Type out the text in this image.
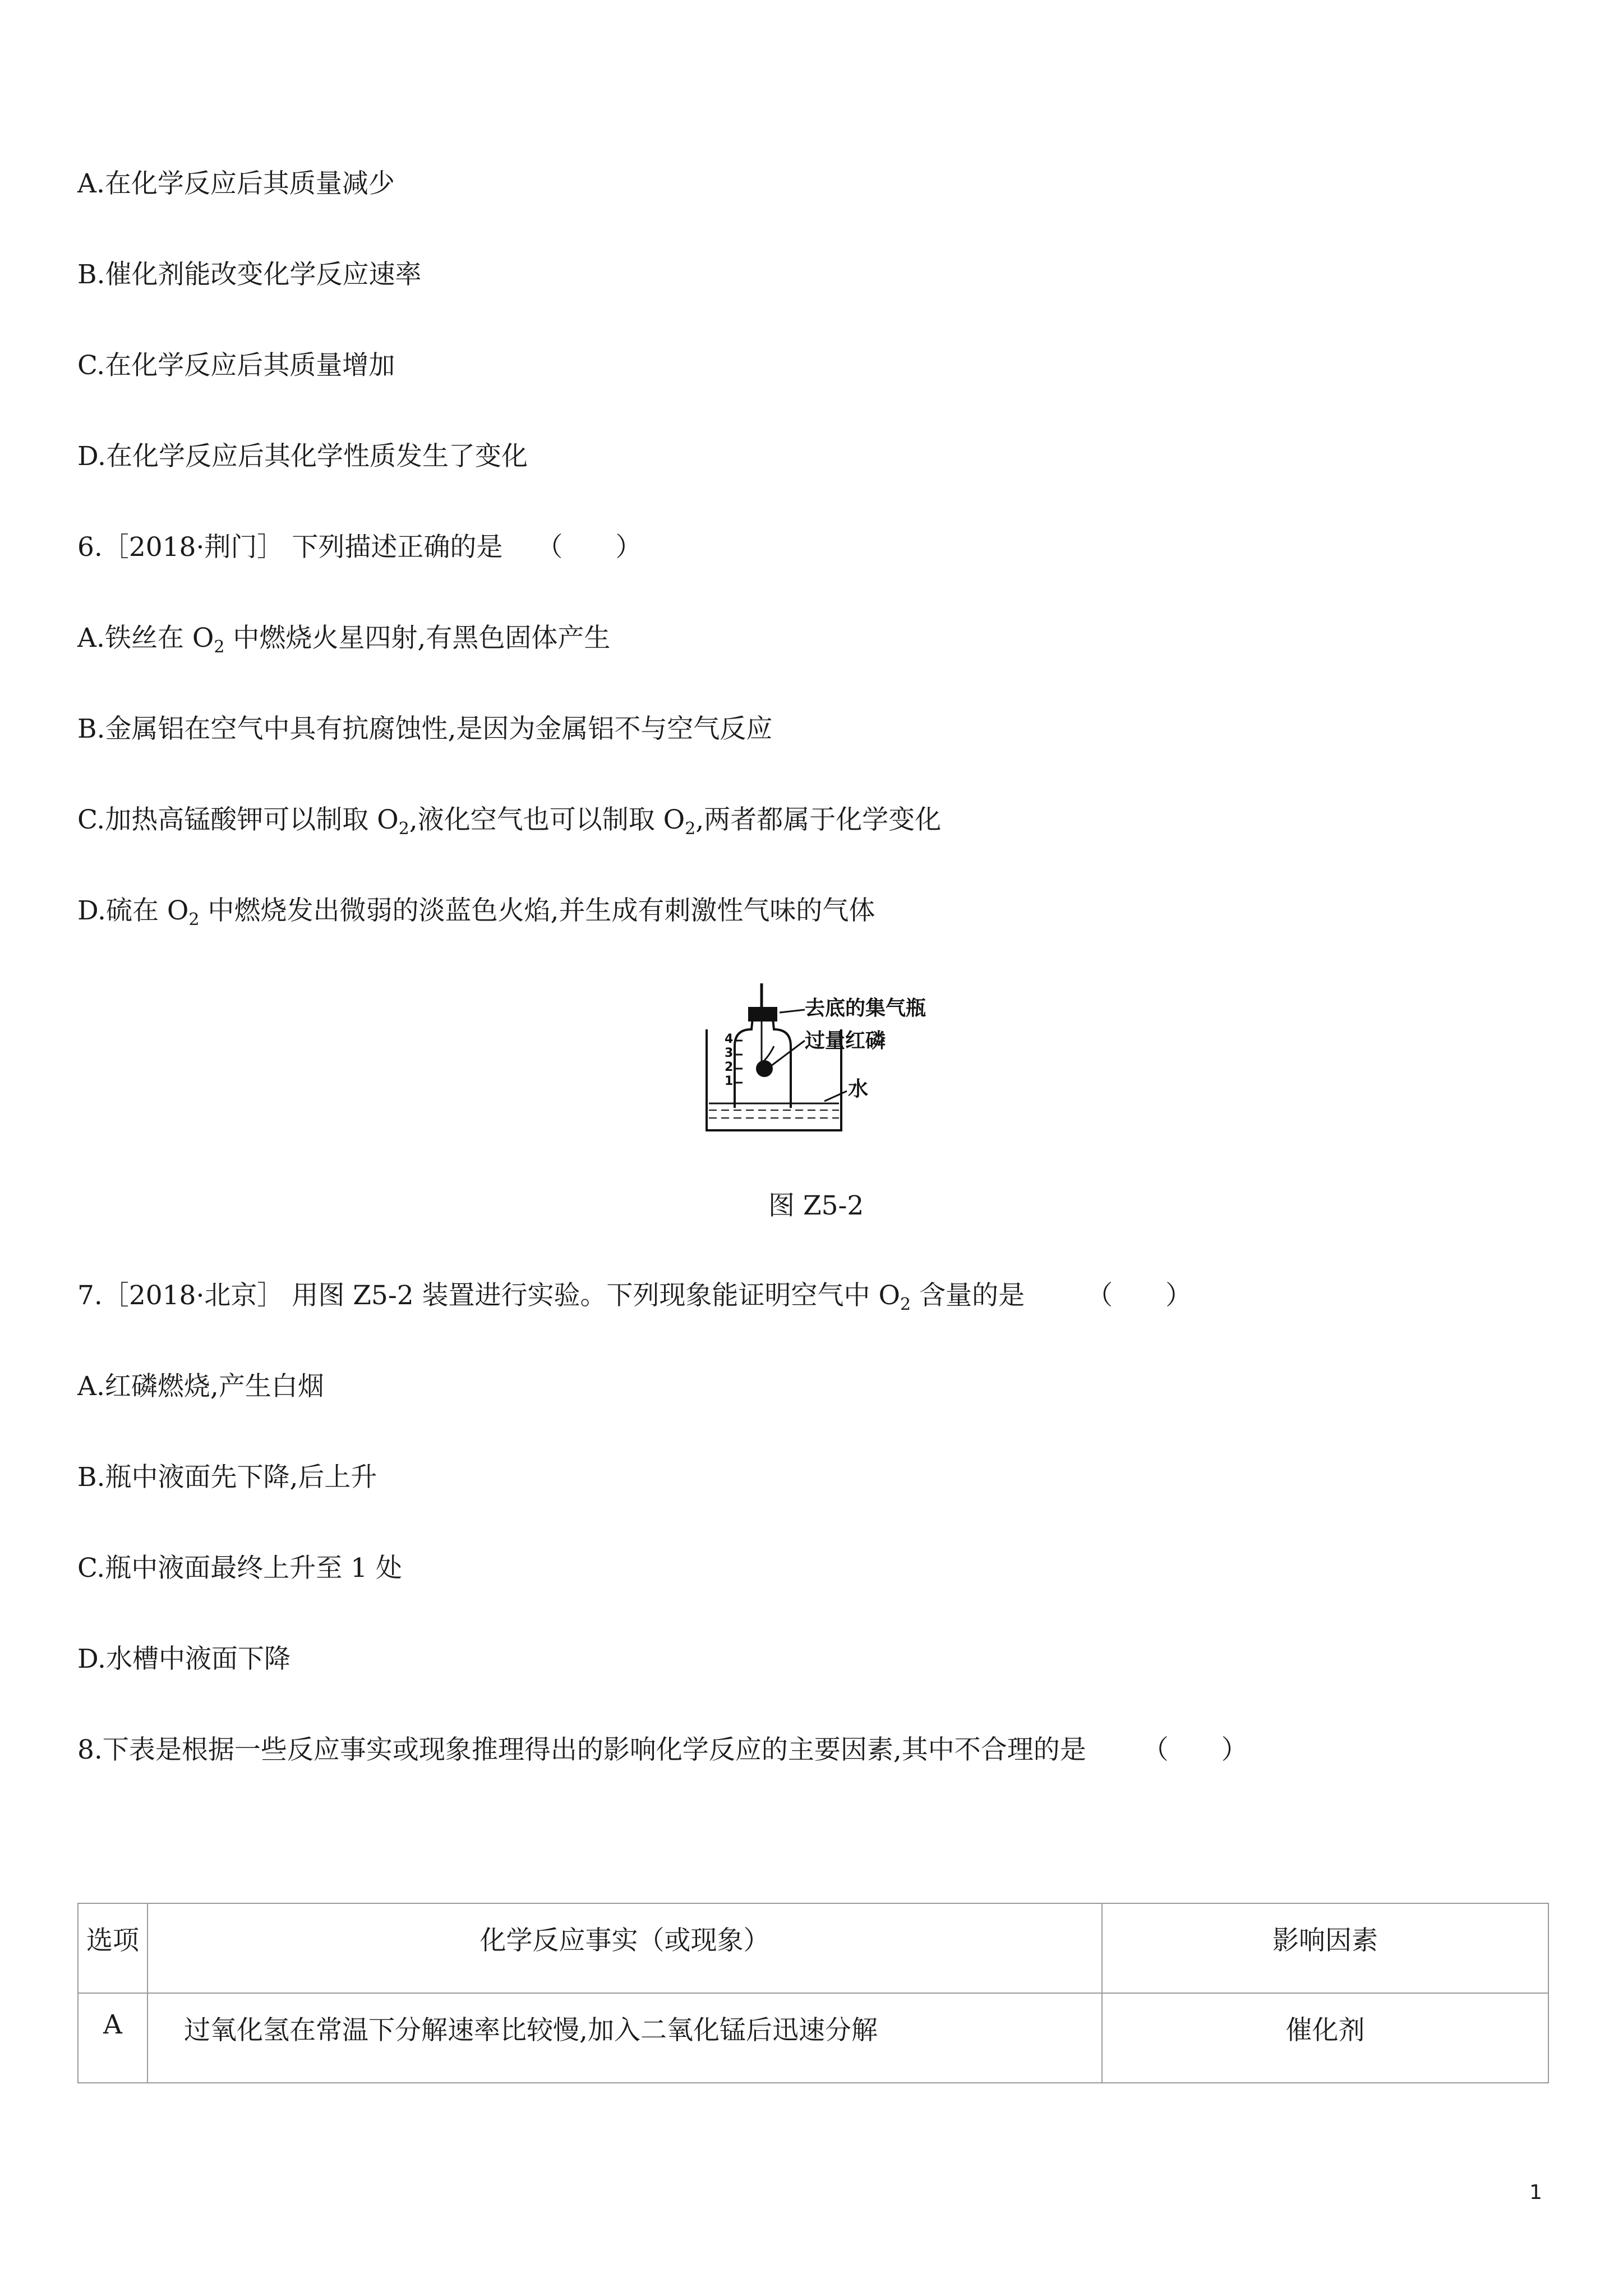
A.在化学反应后其质量减少
B.催化剂能改变化学反应速率
C.在化学反应后其质量增加
D.在化学反应后其化学性质发生了变化
6.［2018·荆门］ 下列描述正确的是 （　　）
A.铁丝在 $O_2$ 中燃烧火星四射,有黑色固体产生
B.金属铝在空气中具有抗腐蚀性,是因为金属铝不与空气反应
C.加热高锰酸钾可以制取 $O_2$,液化空气也可以制取 $O_2$,两者都属于化学变化
D.硫在 $O_2$ 中燃烧发出微弱的淡蓝色火焰,并生成有刺激性气味的气体
4
3
2
1
去底的集气瓶
过量红磷
水
图 Z5-2
7.［2018·北京］ 用图 Z5-2 装置进行实验。下列现象能证明空气中 $O_2$ 含量的是 （　　）
A.红磷燃烧,产生白烟
B.瓶中液面先下降,后上升
C.瓶中液面最终上升至 1 处
D.水槽中液面下降
8.下表是根据一些反应事实或现象推理得出的影响化学反应的主要因素,其中不合理的是 （　　）
选项	化学反应事实（或现象）	影响因素
A	过氧化氢在常温下分解速率比较慢,加入二氧化锰后迅速分解	催化剂
1
